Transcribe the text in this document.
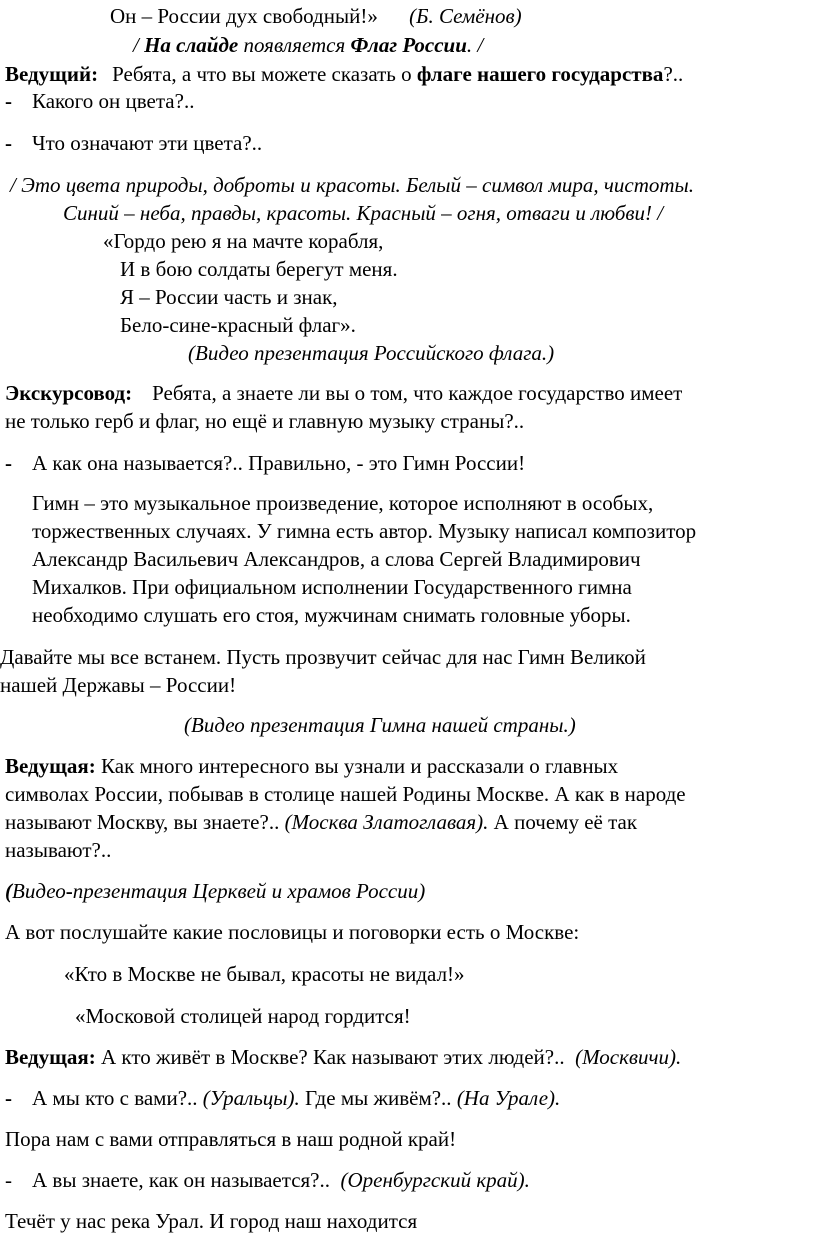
Он – России дух свободный!» (Б. Семёнов)
/ На слайде появляется Флаг России. /
Ведущий: Ребята, а что вы можете сказать о флаге нашего государства?..
- Какого он цвета?..
- Что означают эти цвета?..
/ Это цвета природы, доброты и красоты. Белый – символ мира, чистоты.
Синий – неба, правды, красоты. Красный – огня, отваги и любви! /
«Гордо рею я на мачте корабля,
И в бою солдаты берегут меня.
Я – России часть и знак,
Бело-сине-красный флаг».
(Видео презентация Российского флага.)
Экскурсовод: Ребята, а знаете ли вы о том, что каждое государство имеет
не только герб и флаг, но ещё и главную музыку страны?..
- А как она называется?.. Правильно, - это Гимн России!
Гимн – это музыкальное произведение, которое исполняют в особых,
торжественных случаях. У гимна есть автор. Музыку написал композитор
Александр Васильевич Александров, а слова Сергей Владимирович
Михалков. При официальном исполнении Государственного гимна
необходимо слушать его стоя, мужчинам снимать головные уборы.
Давайте мы все встанем. Пусть прозвучит сейчас для нас Гимн Великой
нашей Державы – России!
(Видео презентация Гимна нашей страны.)
Ведущая: Как много интересного вы узнали и рассказали о главных
символах России, побывав в столице нашей Родины Москве. А как в народе
называют Москву, вы знаете?.. (Москва Златоглавая). А почему её так
называют?..
(Видео-презентация Церквей и храмов России)
А вот послушайте какие пословицы и поговорки есть о Москве:
«Кто в Москве не бывал, красоты не видал!»
«Московой столицей народ гордится!
Ведущая: А кто живёт в Москве? Как называют этих людей?..  (Москвичи).
- А мы кто с вами?.. (Уральцы). Где мы живём?.. (На Урале).
Пора нам с вами отправляться в наш родной край!
- А вы знаете, как он называется?..  (Оренбургский край).
Течёт у нас река Урал. И город наш находится
